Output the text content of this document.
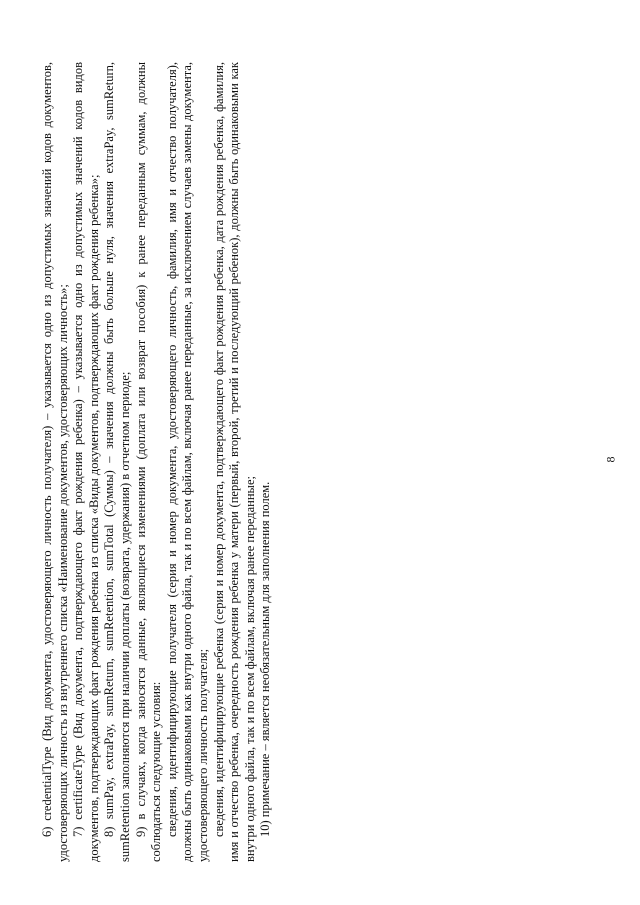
6) credentialType (Вид документа, удостоверяющего личность получателя) – указывается одно из допустимых значений кодов документов, удостоверяющих личность из внутреннего списка «Наименование документов, удостоверяющих личность»; 7) certificateType (Вид документа, подтверждающего факт рождения ребенка) – указывается одно из допустимых значений кодов видов документов, подтверждающих факт рождения ребенка из списка «Виды документов, подтверждающих факт рождения ребенка»; 8) sumPay, extraPay, sumReturn, sumRetention, sumTotal (Суммы) – значения должны быть больше нуля, значения extraPay, sumReturn, sumRetention заполняются при наличии доплаты (возврата, удержания) в отчетном периоде; 9) в случаях, когда заносятся данные, являющиеся изменениями (доплата или возврат пособия) к ранее переданным суммам, должны соблюдаться следующие условия: сведения, идентифицирующие получателя (серия и номер документа, удостоверяющего личность, фамилия, имя и отчество получателя), должны быть одинаковыми как внутри одного файла, так и по всем файлам, включая ранее переданные, за исключением случаев замены документа, удостоверяющего личность получателя; сведения, идентифицирующие ребенка (серия и номер документа, подтверждающего факт рождения ребенка, дата рождения ребенка, фамилия, имя и отчество ребенка, очередность рождения ребенка у матери (первый, второй, третий и последующий ребенок), должны быть одинаковыми как внутри одного файла, так и по всем файлам, включая ранее переданные; 10) примечание – является необязательным для заполнения полем.

8
